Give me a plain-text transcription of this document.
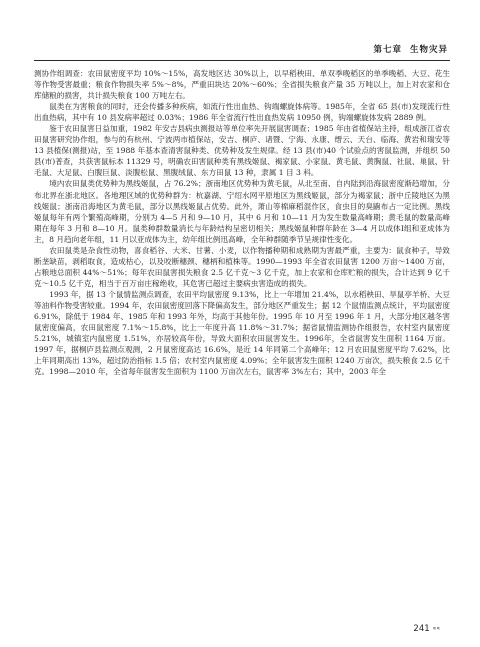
第七章 生物灾异

测协作组调查：农田鼠密度平均 10%～15%，高发地区达 30%以上，以早稻秧田、单双季晚稻区的单季晚稻、大豆、花生等作物受害最重；粮食作物损失率 5%～8%，严重田块达 20%～60%；全省损失粮食产量 35 万吨以上，加上对农家和仓库储粮的损害，共计损失粮食 100 万吨左右。

鼠类在为害粮食的同时，还会传播多种疾病，如流行性出血热、钩端螺旋体病等。1985年，全省 65 县(市)发现流行性出血热病，其中有 10 县发病率超过 0.03%；1986 年全省流行性出血热发病 10950 例，钩端螺旋体发病 2889 例。

鉴于农田鼠害日益加重，1982 年安吉县病虫测报站等单位率先开展鼠害调查；1985 年由省植保站主持，组成浙江省农田鼠害研究协作组，参与的有杭州、宁波两市植保站，安吉、桐庐、诸暨、宁海、永康、缙云、天台、临海、黄岩和瑞安等 13 县植保(测报)站，至 1988 年基本查清害鼠种类、优势种及发生规律。经 13 县(市)40 个试验点的害鼠监测，并组织 50 县(市)普查，共获害鼠标本 11329 号，明确农田害鼠种类有黑线姬鼠、褐家鼠、小家鼠、黄毛鼠、黄胸鼠、社鼠、巢鼠、针毛鼠、大足鼠、白腹巨鼠、淡腹松鼠、黑腹绒鼠、东方田鼠 13 种，隶属 1 目 3 科。

境内农田鼠类优势种为黑线姬鼠，占 76.2%；浙南地区优势种为黄毛鼠，从北至南、自内陆到沿海鼠密度渐趋增加，分布北界在浙北地区。各地理区域的优势种群为：杭嘉湖、宁绍水网平原地区为黑线姬鼠，部分为褐家鼠；浙中丘陵地区为黑线姬鼠；浙南沿海地区为黄毛鼠，部分以黑线姬鼠占优势。此外，萧山等棉麻稻混作区，食虫目的臭鼩布占一定比例。黑线姬鼠每年有两个繁殖高峰期，分别为 4—5 月和 9—10 月，其中 6 月和 10—11 月为发生数量高峰期；黄毛鼠的数量高峰期在每年 3 月和 8—10 月。鼠类种群数量消长与年龄结构呈密切相关；黑线姬鼠种群年龄在 3—4 月以成体Ⅰ组和亚成体为主，8 月趋向老年组，11 月以亚成体为主，幼年组比例迅高峰，全年种群随季节呈规律性变化。

农田鼠类是杂食性动物，喜食稻谷、大米、甘薯、小麦，以作物播种期和成熟期为害最严重，主要为：鼠食种子，导致断垄缺苗，剥稻取食，造成枯心，以及咬断穗颈、穗柄和植株等。1990—1993 年全省农田鼠害 1200 万亩～1400 万亩，占粮地总面积 44%～51%；每年农田鼠害损失粮食 2.5 亿千克～3 亿千克，加上农家和仓库贮粮的损失，合计达到 9 亿千克～10.5 亿千克，相当于百万亩庄稼绝收，其危害已超过主要病虫害造成的损失。

1993 年，据 13 个鼠情监测点调查，农田平均鼠密度 9.13%，比上一年增加 21.4%，以水稻秧田、旱鼠亭羊桥、大豆等油料作物受害较重。1994 年，农田鼠密度回落下降偏高发生，部分地区严重发生；据 12 个鼠情监测点统计，平均鼠密度 6.91%，除低于 1984 年、1985 年和 1993 年外，均高于其他年份。1995 年 10 月至 1996 年 1 月，大部分地区越冬害鼠密度偏高，农田鼠密度 7.1%～15.8%，比上一年度升高 11.8%～31.7%；据省鼠情监测协作组报告，农村室内鼠密度 5.21%，城镇室内鼠密度 1.51%，亦居较高年份，导致大面积农田鼠害发生。1996年，全省鼠害发生面积 1164 万亩。1997 年，据桐庐县监测点观测，2 月鼠密度高达 16.6%，是近 14 年同第二个高峰年；12 月农田鼠密度平均 7.62%，比上年同期高出 13%，超过防治指标 1.5 倍；农村室内鼠密度 4.09%；全年鼠害发生面积 1240 万亩次，损失粮食 2.5 亿千克。1998—2010 年，全省每年鼠害发生面积为 1100 万亩次左右，鼠害率 3%左右；其中，2003 年全

241 ««
